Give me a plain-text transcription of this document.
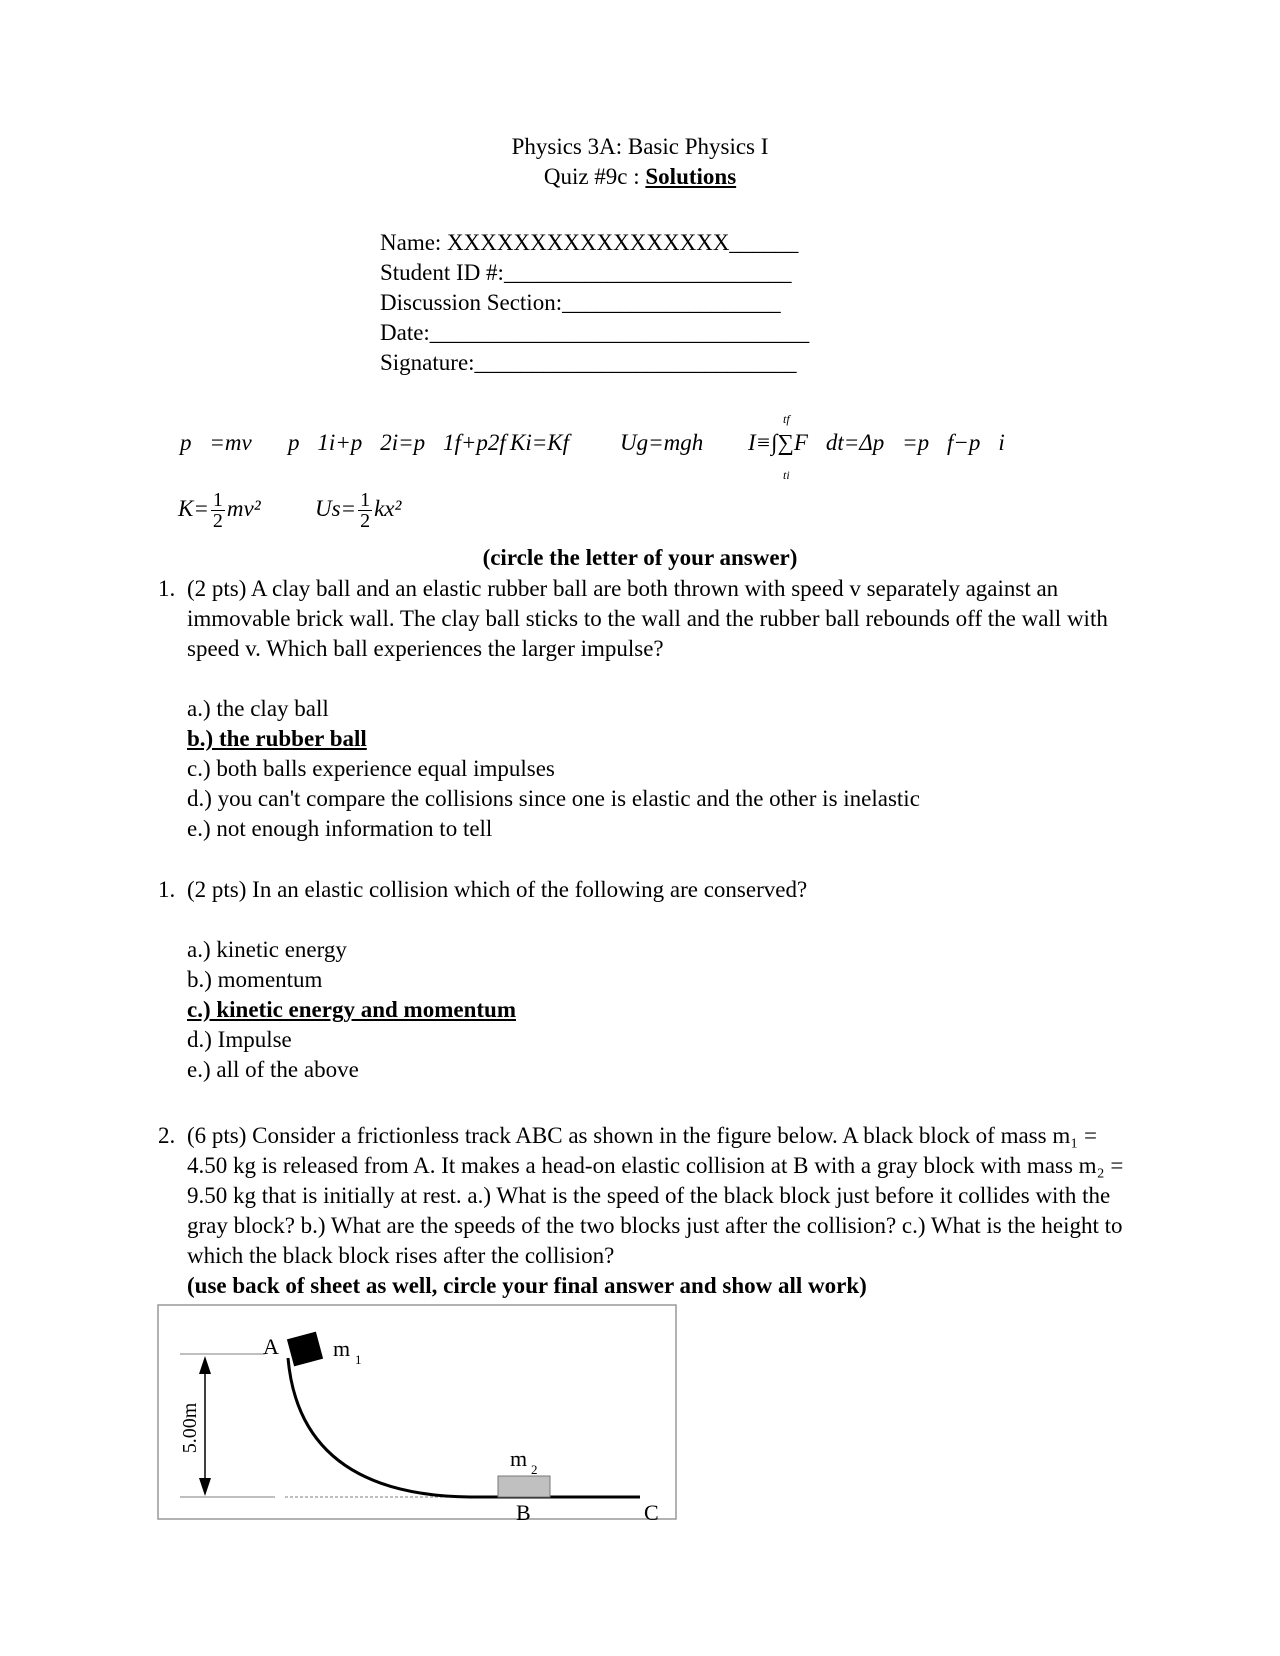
Physics 3A: Basic Physics I
Quiz #9c : Solutions
Name: XXXXXXXXXXXXXXXXX______
Student ID #:_________________________
Discussion Section:___________________
Date:_________________________________
Signature:____________________________
p⃗=mv⃗ p⃗1i+p⃗2i=p⃗1f+p2f Ki=Kf Ug=mgh
tf
I≡∫∑F⃗dt=Δp⃗=p⃗f−p⃗i
ti
$K= \frac{1}{2} mv^2$ $Us= \frac{1}{2} kx^2$
(circle the letter of your answer)
1. (2 pts) A clay ball and an elastic rubber ball are both thrown with speed v separately against an immovable brick wall. The clay ball sticks to the wall and the rubber ball rebounds off the wall with speed v. Which ball experiences the larger impulse?
a.) the clay ball
b.) the rubber ball
c.) both balls experience equal impulses
d.) you can't compare the collisions since one is elastic and the other is inelastic
e.) not enough information to tell
1. (2 pts) In an elastic collision which of the following are conserved?
a.) kinetic energy
b.) momentum
c.) kinetic energy and momentum
d.) Impulse
e.) all of the above
2. (6 pts) Consider a frictionless track ABC as shown in the figure below. A black block of mass m₁ = 4.50 kg is released from A. It makes a head-on elastic collision at B with a gray block with mass m₂ = 9.50 kg that is initially at rest. a.) What is the speed of the black block just before it collides with the gray block? b.) What are the speeds of the two blocks just after the collision? c.) What is the height to which the black block rises after the collision?
(use back of sheet as well, circle your final answer and show all work)
5.00m
A m 1
m 2
B	C
